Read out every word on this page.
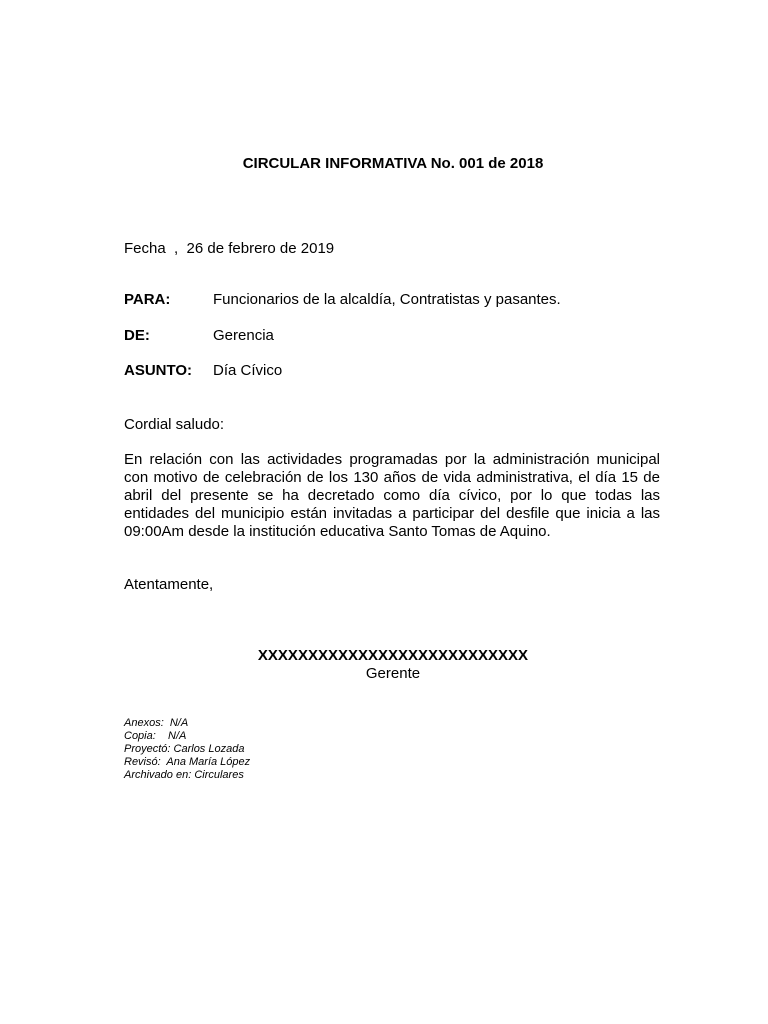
CIRCULAR INFORMATIVA No. 001 de 2018
Fecha  ,  26 de febrero de 2019
PARA:	Funcionarios de la alcaldía, Contratistas y pasantes.
DE:	Gerencia
ASUNTO: Día Cívico
Cordial saludo:
En relación con las actividades programadas por la administración municipal con motivo de celebración de los 130 años de vida administrativa, el día 15 de abril del presente se ha decretado como día cívico, por lo que todas las entidades del municipio están invitadas a participar del desfile que inicia a las 09:00Am desde la institución educativa Santo Tomas de Aquino.
Atentamente,
XXXXXXXXXXXXXXXXXXXXXXXXXXX
Gerente
Anexos:  N/A
Copia:    N/A
Proyectó: Carlos Lozada
Revisó:  Ana María López
Archivado en: Circulares
